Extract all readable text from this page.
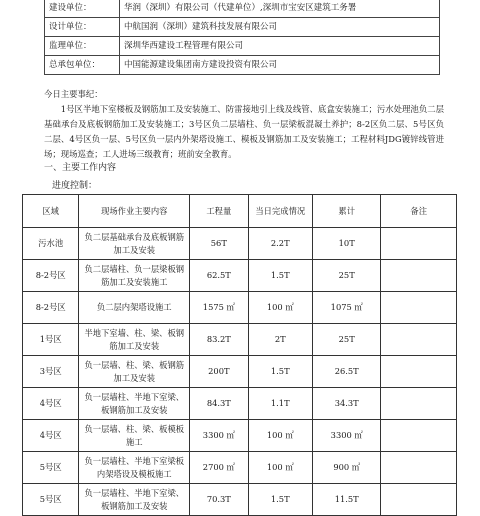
建设单位：	华润（深圳）有限公司（代建单位）,深圳市宝安区建筑工务署
设计单位：	中航国润（深圳）建筑科技发展有限公司
监理单位：	深圳华西建设工程管理有限公司
总承包单位：	中国能源建设集团南方建设投资有限公司

今日主要事纪：

1号区半地下室楼板及钢筋加工及安装施工、防雷接地引上线及线管、底盒安装施工；污水处理池负二层基础承台及底板钢筋加工及安装施工；3号区负二层墙柱、负一层梁板混凝土养护；8-2区负二层、5号区负二层、4号区负一层、5号区负一层内外架塔设施工、模板及钢筋加工及安装施工；工程材料JDG镀锌线管进场；现场巡查；工人进场三级教育；班前安全教育。

一、主要工作内容
进度控制：
区域	现场作业主要内容	工程量	当日完成情况	累计	备注
污水池	负二层基础承台及底板钢筋加工及安装	56T	2.2T	10T	
8-2号区	负二层墙柱、负一层梁板钢筋加工及安装施工	62.5T	1.5T	25T	
8-2号区	负二层内架塔设施工	1575 ㎡	100 ㎡	1075 ㎡	
1号区	半地下室墙、柱、梁、板钢筋加工及安装	83.2T	2T	25T	
3号区	负一层墙、柱、梁、板钢筋加工及安装	200T	1.5T	26.5T	
4号区	负一层墙柱、半地下室梁、板钢筋加工及安装	84.3T	1.1T	34.3T	
4号区	负一层墙、柱、梁、板模板施工	3300 ㎡	100 ㎡	3300 ㎡	
5号区	负一层墙柱、半地下室梁板内架塔设及模板施工	2700 ㎡	100 ㎡	900 ㎡	
5号区	负一层墙柱、半地下室梁、板钢筋加工及安装	70.3T	1.5T	11.5T	
